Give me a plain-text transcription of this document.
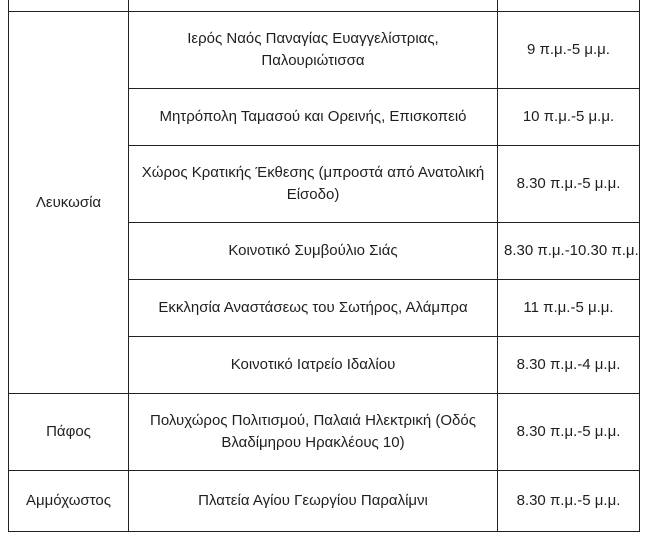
Λευκωσία	Ιερός Ναός Παναγίας Ευαγγελίστριας, Παλουριώτισσα	9 π.μ.-5 μ.μ.
	Μητρόπολη Ταμασού και Ορεινής, Επισκοπειό	10 π.μ.-5 μ.μ.
	Χώρος Κρατικής Έκθεσης (μπροστά από Ανατολική Είσοδο)	8.30 π.μ.-5 μ.μ.
	Κοινοτικό Συμβούλιο Σιάς	8.30 π.μ.-10.30 π.μ.
	Εκκλησία Αναστάσεως του Σωτήρος, Αλάμπρα	11 π.μ.-5 μ.μ.
	Κοινοτικό Ιατρείο Ιδαλίου	8.30 π.μ.-4 μ.μ.
Πάφος	Πολυχώρος Πολιτισμού, Παλαιά Ηλεκτρική (Οδός Βλαδίμηρου Ηρακλέους 10)	8.30 π.μ.-5 μ.μ.
Αμμόχωστος	Πλατεία Αγίου Γεωργίου Παραλίμνι	8.30 π.μ.-5 μ.μ.
